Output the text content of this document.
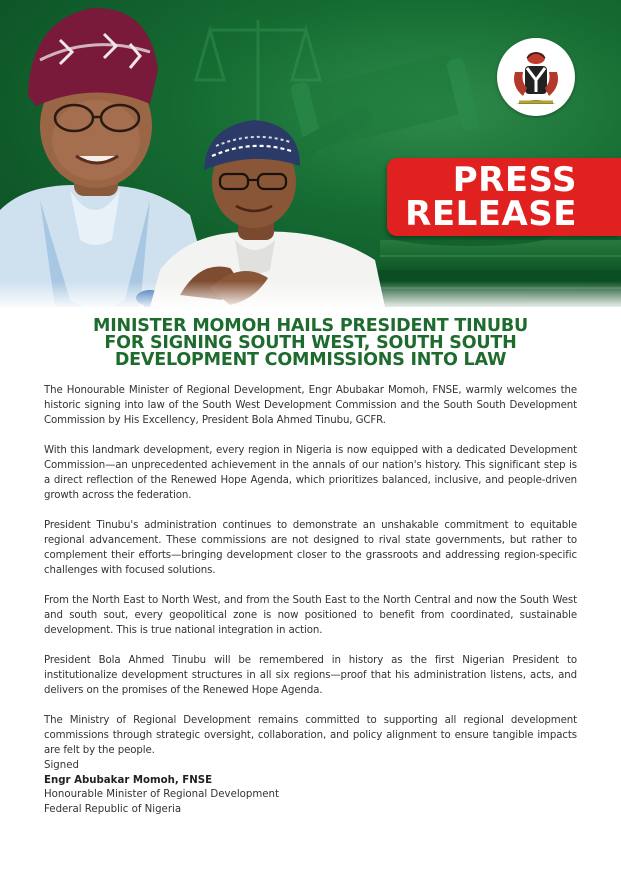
PRESS
RELEASE
MINISTER MOMOH HAILS PRESIDENT TINUBU
FOR SIGNING SOUTH WEST, SOUTH SOUTH
DEVELOPMENT COMMISSIONS INTO LAW

The Honourable Minister of Regional Development, Engr Abubakar Momoh, FNSE, warmly welcomes the historic signing into law of the South West Development Commission and the South South Development Commission by His Excellency, President Bola Ahmed Tinubu, GCFR.

With this landmark development, every region in Nigeria is now equipped with a dedicated Development Commission—an unprecedented achievement in the annals of our nation's history. This significant step is a direct reflection of the Renewed Hope Agenda, which prioritizes balanced, inclusive, and people-driven growth across the federation.

President Tinubu's administration continues to demonstrate an unshakable commitment to equitable regional advancement. These commissions are not designed to rival state governments, but rather to complement their efforts—bringing development closer to the grassroots and addressing region-specific challenges with focused solutions.

From the North East to North West, and from the South East to the North Central and now the South West and south sout, every geopolitical zone is now positioned to benefit from coordinated, sustainable development. This is true national integration in action.

President Bola Ahmed Tinubu will be remembered in history as the first Nigerian President to institutionalize development structures in all six regions—proof that his administration listens, acts, and delivers on the promises of the Renewed Hope Agenda.

The Ministry of Regional Development remains committed to supporting all regional development commissions through strategic oversight, collaboration, and policy alignment to ensure tangible impacts are felt by the people.

Signed
Engr Abubakar Momoh, FNSE
Honourable Minister of Regional Development
Federal Republic of Nigeria
